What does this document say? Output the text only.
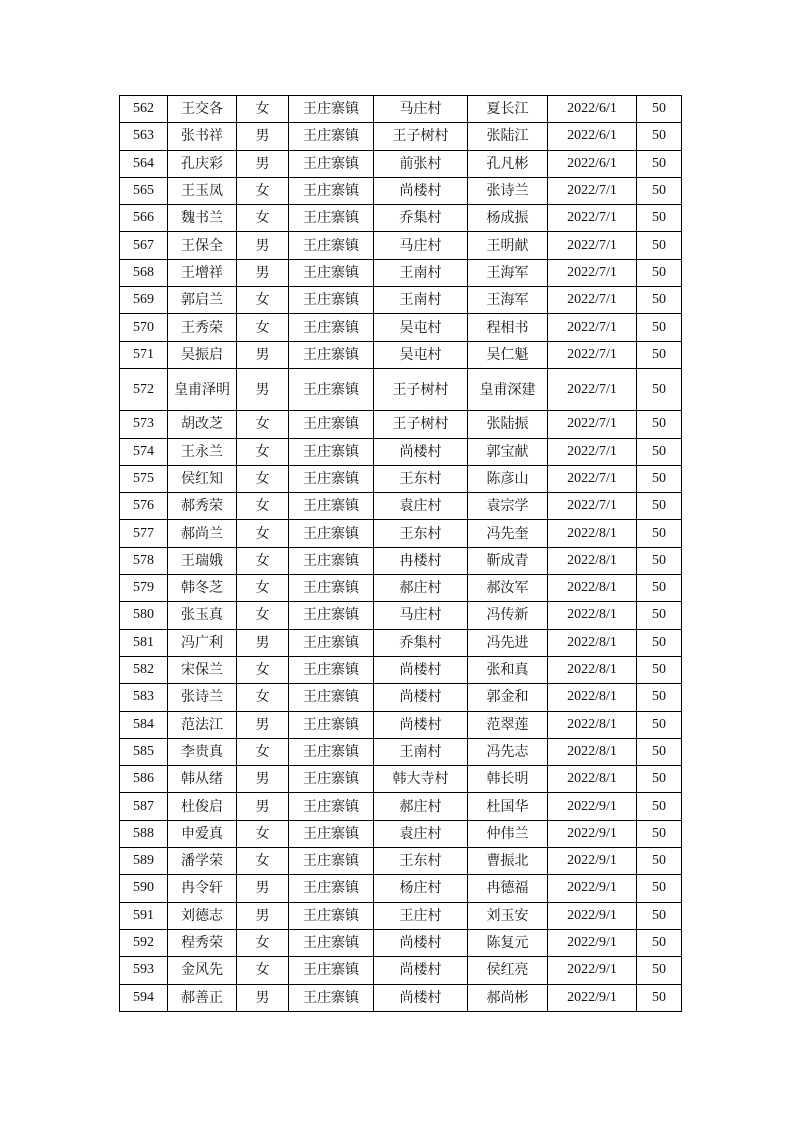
562	王交各	女	王庄寨镇	马庄村	夏长江	2022/6/1	50
563	张书祥	男	王庄寨镇	王子树村	张陆江	2022/6/1	50
564	孔庆彩	男	王庄寨镇	前张村	孔凡彬	2022/6/1	50
565	王玉凤	女	王庄寨镇	尚楼村	张诗兰	2022/7/1	50
566	魏书兰	女	王庄寨镇	乔集村	杨成振	2022/7/1	50
567	王保全	男	王庄寨镇	马庄村	王明献	2022/7/1	50
568	王增祥	男	王庄寨镇	王南村	王海军	2022/7/1	50
569	郭启兰	女	王庄寨镇	王南村	王海军	2022/7/1	50
570	王秀荣	女	王庄寨镇	吴屯村	程相书	2022/7/1	50
571	吴振启	男	王庄寨镇	吴屯村	吴仁魁	2022/7/1	50
572	皇甫泽明	男	王庄寨镇	王子树村	皇甫深建	2022/7/1	50
573	胡改芝	女	王庄寨镇	王子树村	张陆振	2022/7/1	50
574	王永兰	女	王庄寨镇	尚楼村	郭宝献	2022/7/1	50
575	侯红知	女	王庄寨镇	王东村	陈彦山	2022/7/1	50
576	郝秀荣	女	王庄寨镇	袁庄村	袁宗学	2022/7/1	50
577	郝尚兰	女	王庄寨镇	王东村	冯先奎	2022/8/1	50
578	王瑞娥	女	王庄寨镇	冉楼村	靳成青	2022/8/1	50
579	韩冬芝	女	王庄寨镇	郝庄村	郝汝军	2022/8/1	50
580	张玉真	女	王庄寨镇	马庄村	冯传新	2022/8/1	50
581	冯广利	男	王庄寨镇	乔集村	冯先进	2022/8/1	50
582	宋保兰	女	王庄寨镇	尚楼村	张和真	2022/8/1	50
583	张诗兰	女	王庄寨镇	尚楼村	郭金和	2022/8/1	50
584	范法江	男	王庄寨镇	尚楼村	范翠莲	2022/8/1	50
585	李贵真	女	王庄寨镇	王南村	冯先志	2022/8/1	50
586	韩从绪	男	王庄寨镇	韩大寺村	韩长明	2022/8/1	50
587	杜俊启	男	王庄寨镇	郝庄村	杜国华	2022/9/1	50
588	申爱真	女	王庄寨镇	袁庄村	仲伟兰	2022/9/1	50
589	潘学荣	女	王庄寨镇	王东村	曹振北	2022/9/1	50
590	冉令轩	男	王庄寨镇	杨庄村	冉德福	2022/9/1	50
591	刘德志	男	王庄寨镇	王庄村	刘玉安	2022/9/1	50
592	程秀荣	女	王庄寨镇	尚楼村	陈复元	2022/9/1	50
593	金风先	女	王庄寨镇	尚楼村	侯红亮	2022/9/1	50
594	郝善正	男	王庄寨镇	尚楼村	郝尚彬	2022/9/1	50
